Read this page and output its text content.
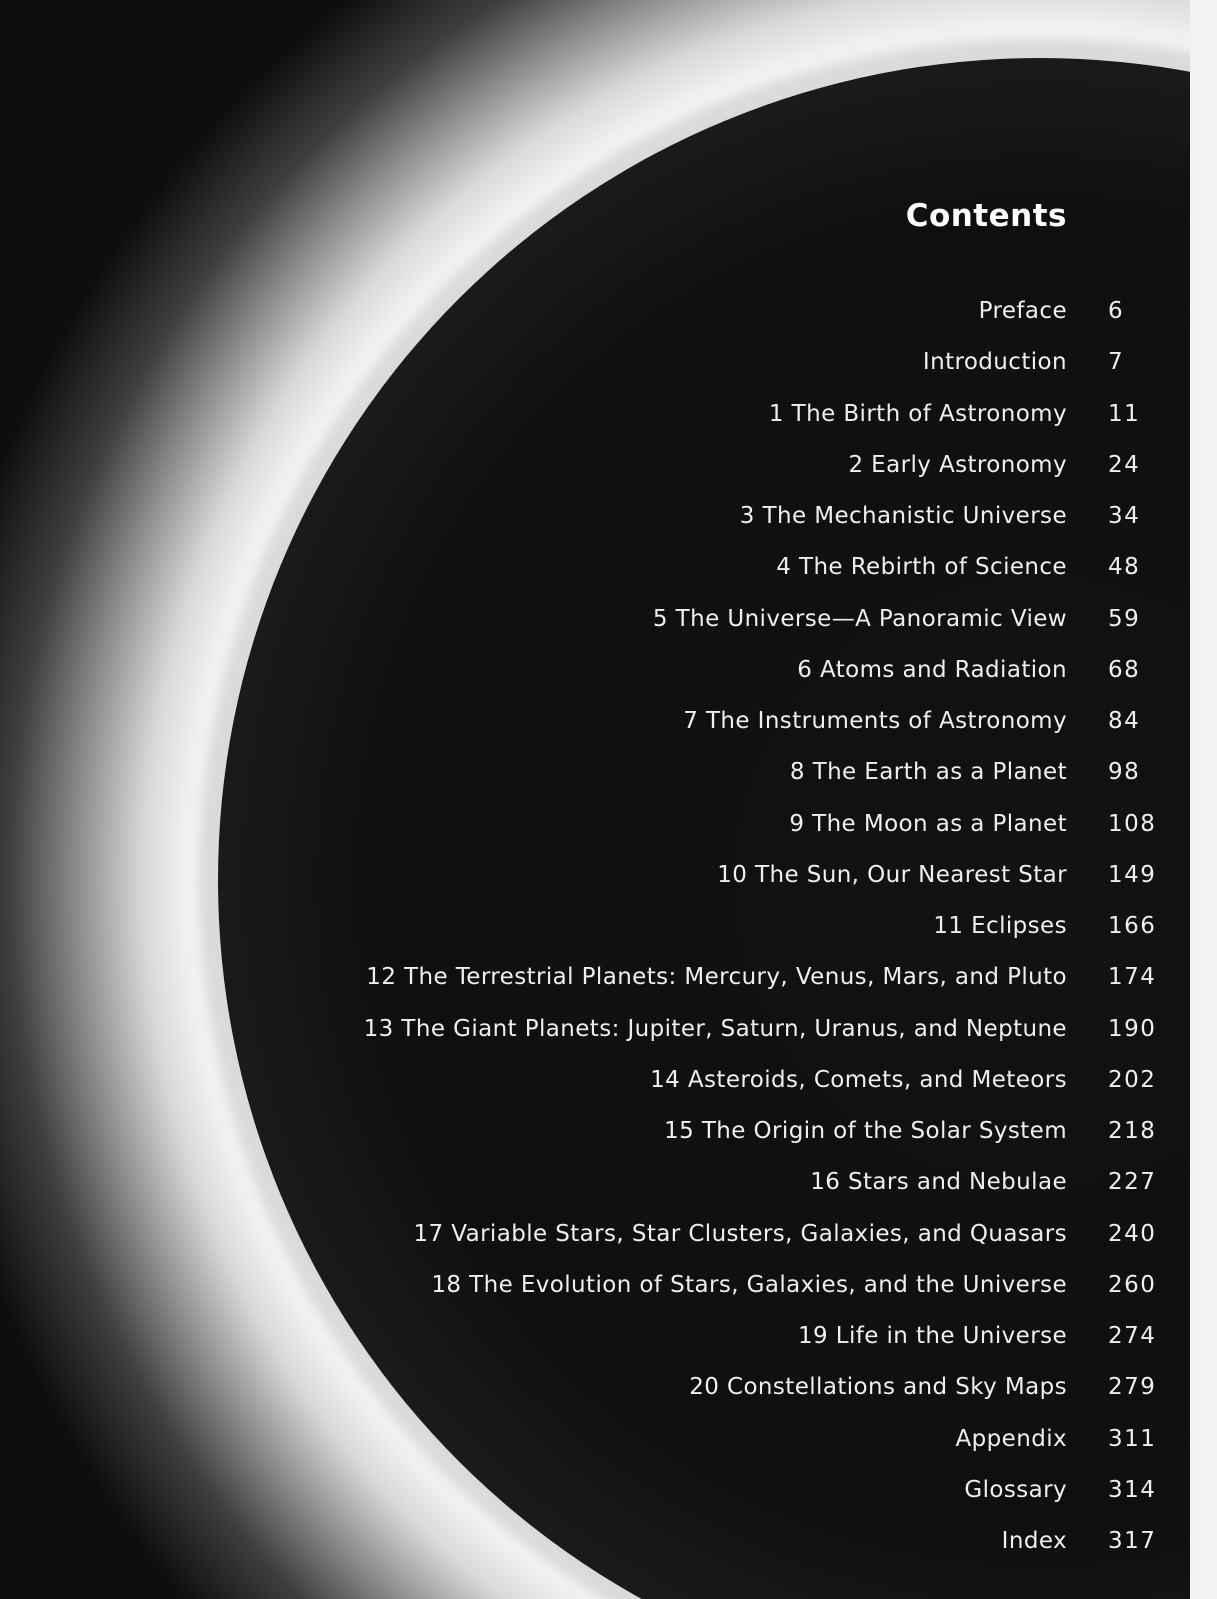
Contents
Preface 6
Introduction 7
1 The Birth of Astronomy 11
2 Early Astronomy 24
3 The Mechanistic Universe 34
4 The Rebirth of Science 48
5 The Universe—A Panoramic View 59
6 Atoms and Radiation 68
7 The Instruments of Astronomy 84
8 The Earth as a Planet 98
9 The Moon as a Planet 108
10 The Sun, Our Nearest Star 149
11 Eclipses 166
12 The Terrestrial Planets: Mercury, Venus, Mars, and Pluto 174
13 The Giant Planets: Jupiter, Saturn, Uranus, and Neptune 190
14 Asteroids, Comets, and Meteors 202
15 The Origin of the Solar System 218
16 Stars and Nebulae 227
17 Variable Stars, Star Clusters, Galaxies, and Quasars 240
18 The Evolution of Stars, Galaxies, and the Universe 260
19 Life in the Universe 274
20 Constellations and Sky Maps 279
Appendix 311
Glossary 314
Index 317
